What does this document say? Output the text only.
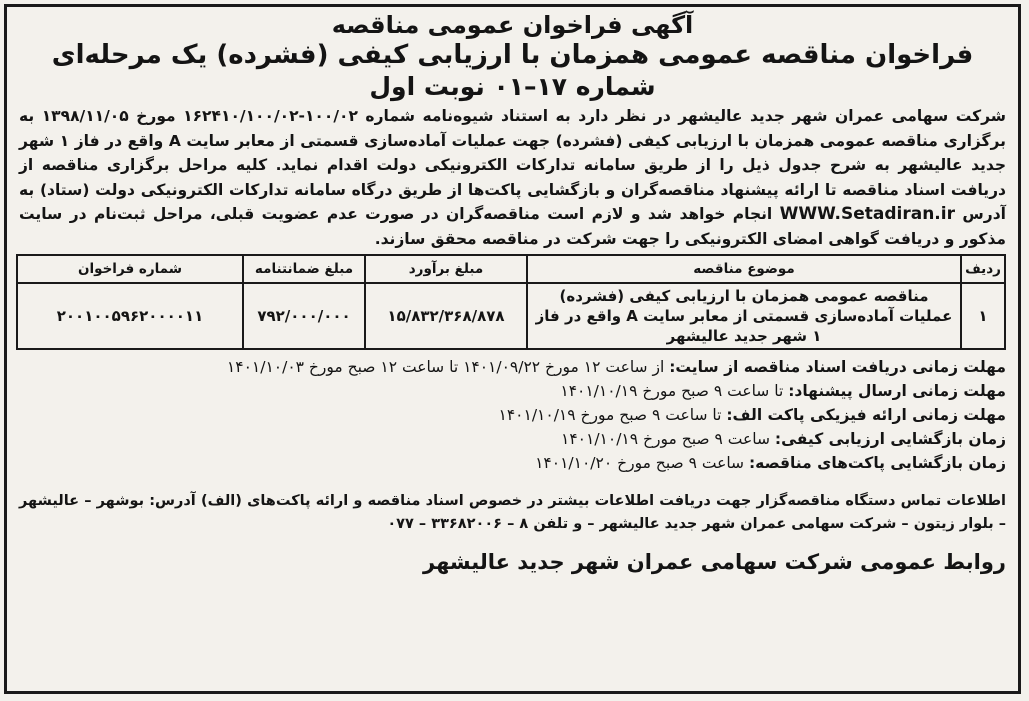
آگهی فراخوان عمومی مناقصه

فراخوان مناقصه عمومی همزمان با ارزیابی کیفی (فشرده) یک مرحله‌ای

شماره ۱۷–۰۱ نوبت اول

شرکت سهامی عمران شهر جدید عالیشهر در نظر دارد به استناد شیوه‌نامه شماره ۱۰۰/۰۲-۱۶۲۴۱۰/۱۰۰/۰۲ مورخ ۱۳۹۸/۱۱/۰۵ به برگزاری مناقصه عمومی همزمان با ارزیابی کیفی (فشرده) جهت عملیات آماده‌سازی قسمتی از معابر سایت A واقع در فاز ۱ شهر جدید عالیشهر به شرح جدول ذیل را از طریق سامانه تدارکات الکترونیکی دولت اقدام نماید. کلیه مراحل برگزاری مناقصه از دریافت اسناد مناقصه تا ارائه پیشنهاد مناقصه‌گران و بازگشایی پاکت‌ها از طریق درگاه سامانه تدارکات الکترونیکی دولت (ستاد) به آدرس WWW.Setadiran.ir انجام خواهد شد و لازم است مناقصه‌گران در صورت عدم عضویت قبلی، مراحل ثبت‌نام در سایت مذکور و دریافت گواهی امضای الکترونیکی را جهت شرکت در مناقصه محقق سازند.

ردیف	موضوع مناقصه	مبلغ برآورد	مبلغ ضمانتنامه	شماره فراخوان
۱	مناقصه عمومی همزمان با ارزیابی کیفی (فشرده) عملیات آماده‌سازی قسمتی از معابر سایت A واقع در فاز ۱ شهر جدید عالیشهر	۱۵/۸۳۲/۳۶۸/۸۷۸	۷۹۲/۰۰۰/۰۰۰	۲۰۰۱۰۰۵۹۶۲۰۰۰۰۱۱
مهلت زمانی دریافت اسناد مناقصه از سایت: از ساعت ۱۲ مورخ ۱۴۰۱/۰۹/۲۲ تا ساعت ۱۲ صبح مورخ ۱۴۰۱/۱۰/۰۳
مهلت زمانی ارسال پیشنهاد: تا ساعت ۹ صبح مورخ ۱۴۰۱/۱۰/۱۹
مهلت زمانی ارائه فیزیکی پاکت الف: تا ساعت ۹ صبح مورخ ۱۴۰۱/۱۰/۱۹
زمان بازگشایی ارزیابی کیفی: ساعت ۹ صبح مورخ ۱۴۰۱/۱۰/۱۹
زمان بازگشایی پاکت‌های مناقصه: ساعت ۹ صبح مورخ ۱۴۰۱/۱۰/۲۰

اطلاعات تماس دستگاه مناقصه‌گزار جهت دریافت اطلاعات بیشتر در خصوص اسناد مناقصه و ارائه پاکت‌های (الف) آدرس: بوشهر – عالیشهر – بلوار زیتون – شرکت سهامی عمران شهر جدید عالیشهر – و تلفن ۸ – ۳۳۶۸۲۰۰۶ – ۰۷۷

روابط عمومی شرکت سهامی عمران شهر جدید عالیشهر
